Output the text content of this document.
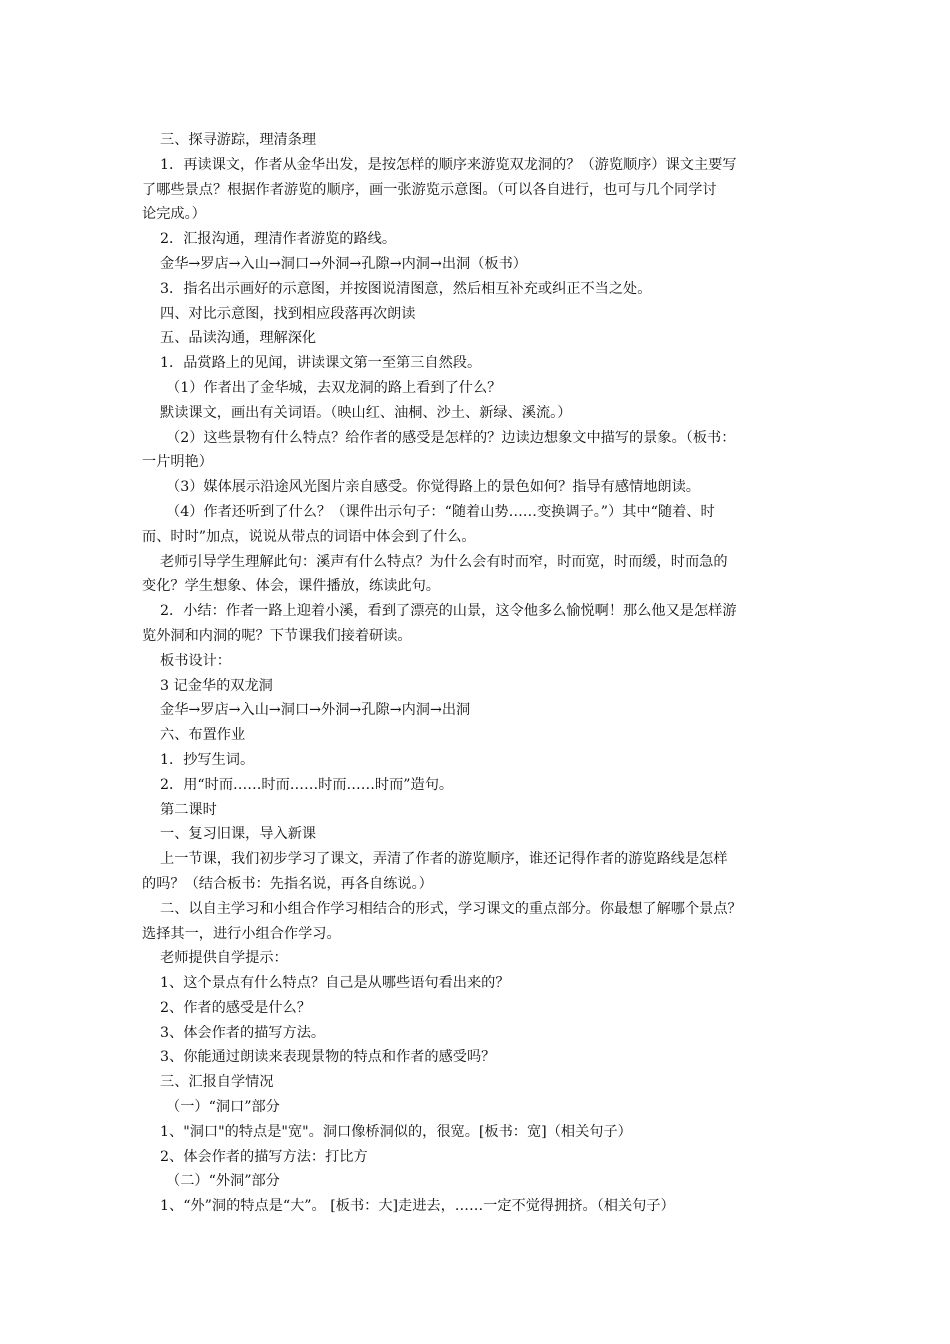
三、探寻游踪，理清条理
1．再读课文，作者从金华出发，是按怎样的顺序来游览双龙洞的？（游览顺序）课文主要写
了哪些景点？根据作者游览的顺序，画一张游览示意图。（可以各自进行，也可与几个同学讨
论完成。）
2．汇报沟通，理清作者游览的路线。
金华→罗店→入山→洞口→外洞→孔隙→内洞→出洞（板书）
3．指名出示画好的示意图，并按图说清图意，然后相互补充或纠正不当之处。
四、对比示意图，找到相应段落再次朗读
五、品读沟通，理解深化
1．品赏路上的见闻，讲读课文第一至第三自然段。
（1）作者出了金华城，去双龙洞的路上看到了什么？
默读课文，画出有关词语。（映山红、油桐、沙土、新绿、溪流。）
（2）这些景物有什么特点？给作者的感受是怎样的？边读边想象文中描写的景象。（板书：
一片明艳）
（3）媒体展示沿途风光图片亲自感受。你觉得路上的景色如何？指导有感情地朗读。
（4）作者还听到了什么？（课件出示句子：“随着山势……变换调子。”）其中“随着、时
而、时时”加点，说说从带点的词语中体会到了什么。
老师引导学生理解此句：溪声有什么特点？为什么会有时而窄，时而宽，时而缓，时而急的
变化？学生想象、体会，课件播放，练读此句。
2．小结：作者一路上迎着小溪，看到了漂亮的山景，这令他多么愉悦啊！那么他又是怎样游
览外洞和内洞的呢？下节课我们接着研读。
板书设计：
3 记金华的双龙洞
金华→罗店→入山→洞口→外洞→孔隙→内洞→出洞
六、布置作业
1．抄写生词。
2．用“时而……时而……时而……时而”造句。
第二课时
一、复习旧课，导入新课
上一节课，我们初步学习了课文，弄清了作者的游览顺序，谁还记得作者的游览路线是怎样
的吗？（结合板书：先指名说，再各自练说。）
二、以自主学习和小组合作学习相结合的形式，学习课文的重点部分。你最想了解哪个景点？
选择其一，进行小组合作学习。
老师提供自学提示：
1、这个景点有什么特点？自己是从哪些语句看出来的？
2、作者的感受是什么？
3、体会作者的描写方法。
3、你能通过朗读来表现景物的特点和作者的感受吗？
三、汇报自学情况
（一）“洞口”部分
1、"洞口"的特点是"宽"。洞口像桥洞似的，很宽。[板书：宽]（相关句子）
2、体会作者的描写方法：打比方
（二）“外洞”部分
1、“外”洞的特点是“大”。 [板书：大]走进去，……一定不觉得拥挤。（相关句子）
